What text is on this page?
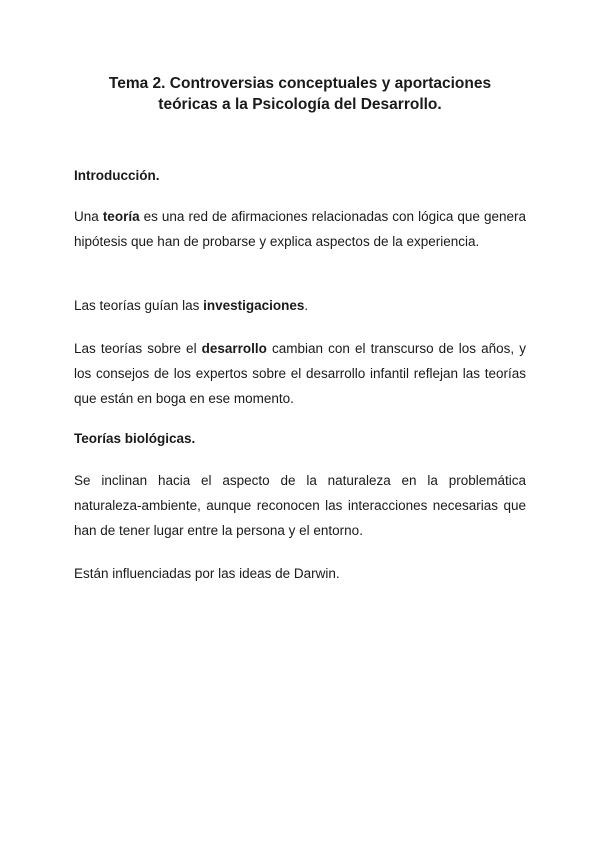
Tema 2. Controversias conceptuales y aportaciones
teóricas a la Psicología del Desarrollo.
Introducción.

Una teoría es una red de afirmaciones relacionadas con lógica que genera hipótesis que han de probarse y explica aspectos de la experiencia.

Las teorías guían las investigaciones.

Las teorías sobre el desarrollo cambian con el transcurso de los años, y los consejos de los expertos sobre el desarrollo infantil reflejan las teorías que están en boga en ese momento.

Teorías biológicas.

Se inclinan hacia el aspecto de la naturaleza en la problemática naturaleza-ambiente, aunque reconocen las interacciones necesarias que han de tener lugar entre la persona y el entorno.

Están influenciadas por las ideas de Darwin.
